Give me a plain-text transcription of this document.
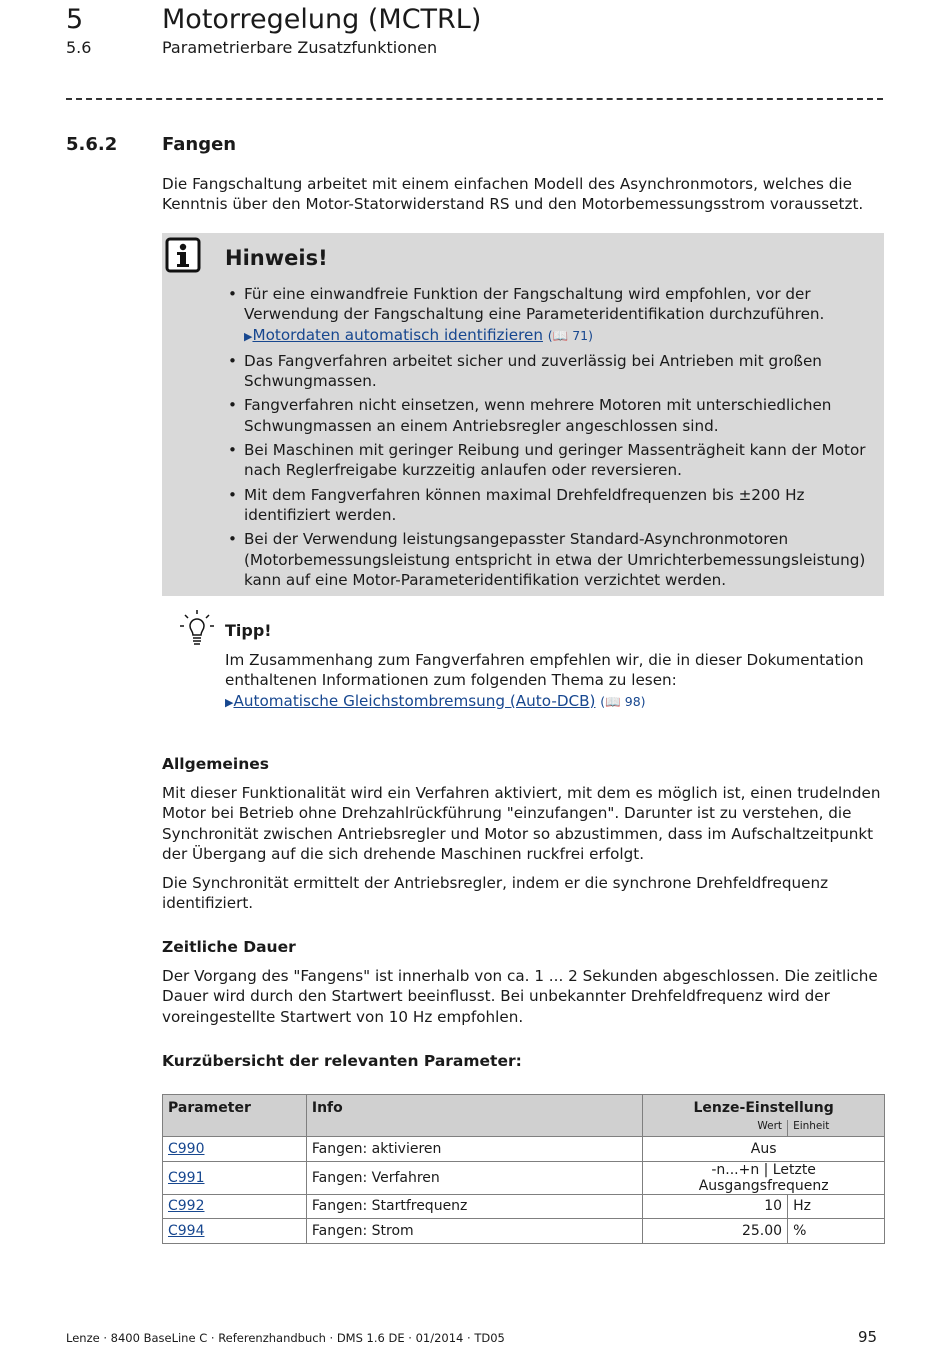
5	Motorregelung (MCTRL)
5.6	Parametrierbare Zusatzfunktionen
5.6.2 Fangen
Die Fangschaltung arbeitet mit einem einfachen Modell des Asynchronmotors, welches die Kenntnis über den Motor-Statorwiderstand RS und den Motorbemessungsstrom voraussetzt.
Hinweis!
• Für eine einwandfreie Funktion der Fangschaltung wird empfohlen, vor der Verwendung der Fangschaltung eine Parameteridentifikation durchzuführen. ▶Motordaten automatisch identifizieren (📖 71)
• Das Fangverfahren arbeitet sicher und zuverlässig bei Antrieben mit großen Schwungmassen.
• Fangverfahren nicht einsetzen, wenn mehrere Motoren mit unterschiedlichen Schwungmassen an einem Antriebsregler angeschlossen sind.
• Bei Maschinen mit geringer Reibung und geringer Massenträgheit kann der Motor nach Reglerfreigabe kurzzeitig anlaufen oder reversieren.
• Mit dem Fangverfahren können maximal Drehfeldfrequenzen bis ±200 Hz identifiziert werden.
• Bei der Verwendung leistungsangepasster Standard-Asynchronmotoren (Motorbemessungsleistung entspricht in etwa der Umrichterbemessungsleistung) kann auf eine Motor-Parameteridentifikation verzichtet werden.
Tipp!
Im Zusammenhang zum Fangverfahren empfehlen wir, die in dieser Dokumentation enthaltenen Informationen zum folgenden Thema zu lesen:
▶Automatische Gleichstombremsung (Auto-DCB) (📖 98)
Allgemeines
Mit dieser Funktionalität wird ein Verfahren aktiviert, mit dem es möglich ist, einen trudelnden Motor bei Betrieb ohne Drehzahlrückführung "einzufangen". Darunter ist zu verstehen, die Synchronität zwischen Antriebsregler und Motor so abzustimmen, dass im Aufschaltzeitpunkt der Übergang auf die sich drehende Maschinen ruckfrei erfolgt.
Die Synchronität ermittelt der Antriebsregler, indem er die synchrone Drehfeldfrequenz identifiziert.
Zeitliche Dauer
Der Vorgang des "Fangens" ist innerhalb von ca. 1 ... 2 Sekunden abgeschlossen. Die zeitliche Dauer wird durch den Startwert beeinflusst. Bei unbekannter Drehfeldfrequenz wird der voreingestellte Startwert von 10 Hz empfohlen.
Kurzübersicht der relevanten Parameter:
Parameter	Info	Lenze-Einstellung	
		Wert	Einheit
C990	Fangen: aktivieren	Aus	
C991	Fangen: Verfahren	-n...+n | Letzte Ausgangsfrequenz	
C992	Fangen: Startfrequenz	10	Hz
C994	Fangen: Strom	25.00	%
Lenze · 8400 BaseLine C · Referenzhandbuch · DMS 1.6 DE · 01/2014 · TD05	95
